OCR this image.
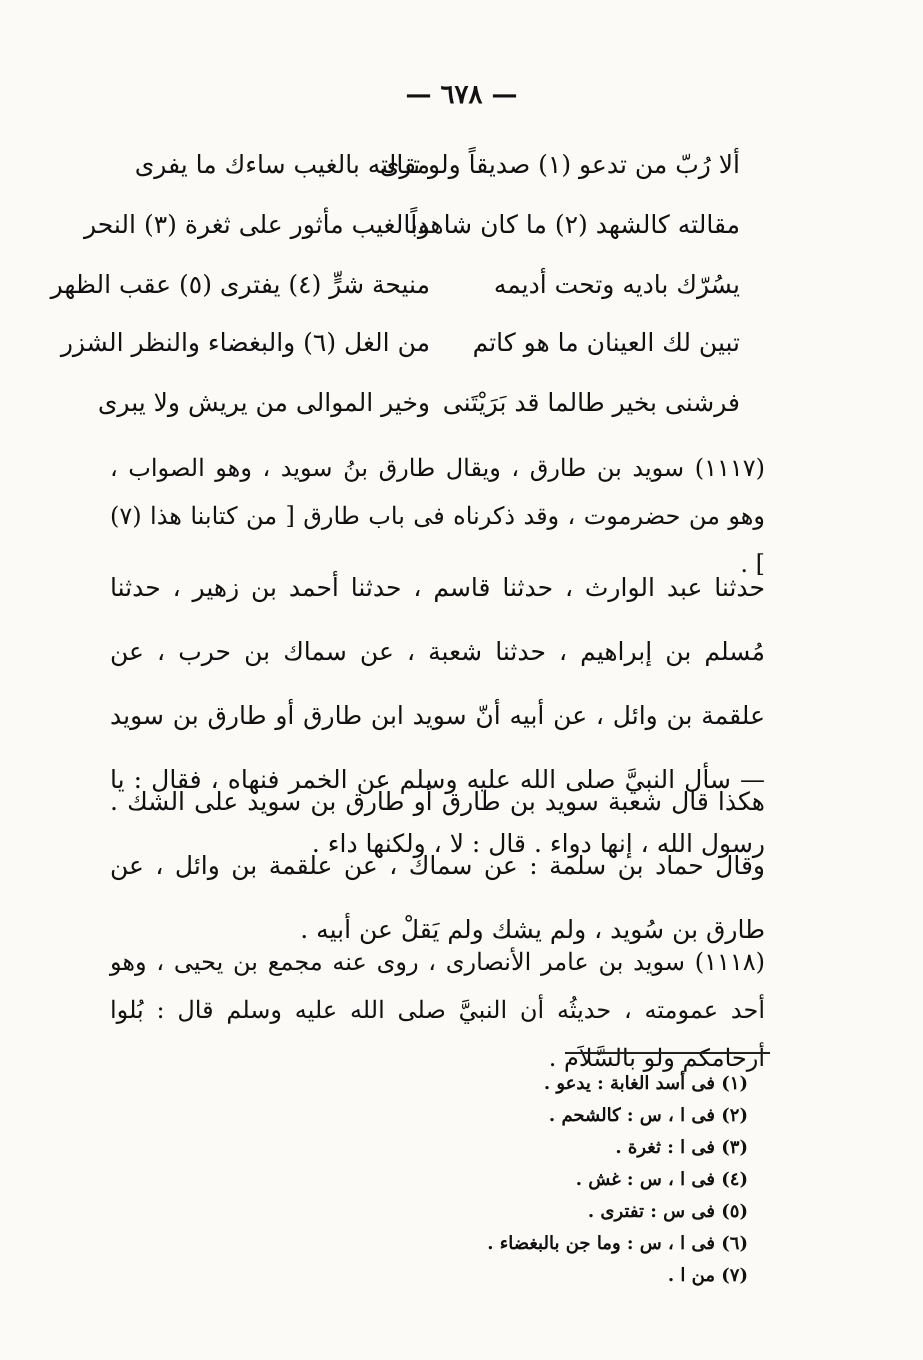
— ٦٧٨ —
ألا رُبّ من تدعو (١) صديقاً ولو ترى
مقالته بالغيب ساءك ما يفرى
مقالته كالشهد (٢) ما كان شاهداً
وبالغيب مأثور على ثغرة (٣) النحر
يسُرّك باديه وتحت أديمه
منيحة شرٍّ (٤) يفترى (٥) عقب الظهر
تبين لك العينان ما هو كاتم
من الغل (٦) والبغضاء والنظر الشزر
فرشنى بخير طالما قد بَرَيْتَنى
وخير الموالى من يريش ولا يبرى
(١١١٧) سويد بن طارق ، ويقال طارق بنُ سويد ، وهو الصواب ، وهو من حضرموت ، وقد ذكرناه فى باب طارق [ من كتابنا هذا (٧) ] .
حدثنا عبد الوارث ، حدثنا قاسم ، حدثنا أحمد بن زهير ، حدثنا مُسلم بن إبراهيم ، حدثنا شعبة ، عن سماك بن حرب ، عن علقمة بن وائل ، عن أبيه أنّ سويد ابن طارق أو طارق بن سويد — سأل النبيَّ صلى الله عليه وسلم عن الخمر فنهاه ، فقال : يا رسول الله ، إنها دواء . قال : لا ، ولكنها داء .
هكذا قال شعبة سويد بن طارق أو طارق بن سويد على الشك . وقال حماد بن سلمة : عن سماك ، عن علقمة بن وائل ، عن طارق بن سُويد ، ولم يشك ولم يَقلْ عن أبيه .
(١١١٨) سويد بن عامر الأنصارى ، روى عنه مجمع بن يحيى ، وهو أحد عمومته ، حديثُه أن النبيَّ صلى الله عليه وسلم قال : بُلوا أرحامكم ولو بالسَّلاَم .
(١) فى أسد الغابة : يدعو .
(٢) فى ا ، س : كالشحم .
(٣) فى ا : ثغرة .
(٤) فى ا ، س : غش .
(٥) فى س : تفترى .
(٦) فى ا ، س : وما جن بالبغضاء .
(٧) من ا .
